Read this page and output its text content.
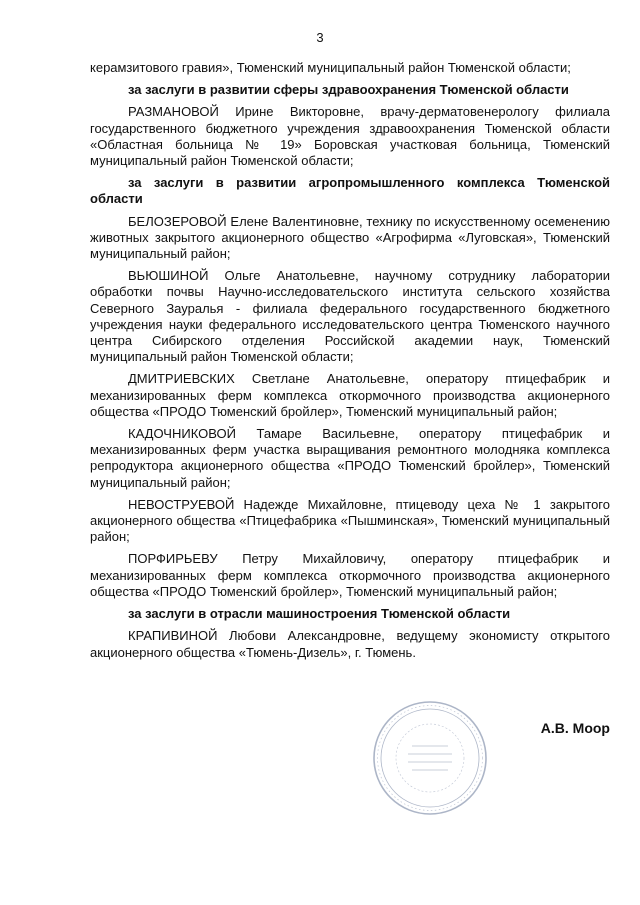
3

керамзитового гравия», Тюменский муниципальный район Тюменской области;

за заслуги в развитии сферы здравоохранения Тюменской области

РАЗМАНОВОЙ Ирине Викторовне, врачу-дерматовенерологу филиала государственного бюджетного учреждения здравоохранения Тюменской области «Областная больница № 19» Боровская участковая больница, Тюменский муниципальный район Тюменской области;

за заслуги в развитии агропромышленного комплекса Тюменской области

БЕЛОЗЕРОВОЙ Елене Валентиновне, технику по искусственному осеменению животных закрытого акционерного общество «Агрофирма «Луговская», Тюменский муниципальный район;

ВЬЮШИНОЙ Ольге Анатольевне, научному сотруднику лаборатории обработки почвы Научно-исследовательского института сельского хозяйства Северного Зауралья - филиала федерального государственного бюджетного учреждения науки федерального исследовательского центра Тюменского научного центра Сибирского отделения Российской академии наук, Тюменский муниципальный район Тюменской области;

ДМИТРИЕВСКИХ Светлане Анатольевне, оператору птицефабрик и механизированных ферм комплекса откормочного производства акционерного общества «ПРОДО Тюменский бройлер», Тюменский муниципальный район;

КАДОЧНИКОВОЙ Тамаре Васильевне, оператору птицефабрик и механизированных ферм участка выращивания ремонтного молодняка комплекса репродуктора акционерного общества «ПРОДО Тюменский бройлер», Тюменский муниципальный район;

НЕВОСТРУЕВОЙ Надежде Михайловне, птицеводу цеха № 1 закрытого акционерного общества «Птицефабрика «Пышминская», Тюменский муниципальный район;

ПОРФИРЬЕВУ Петру Михайловичу, оператору птицефабрик и механизированных ферм комплекса откормочного производства акционерного общества «ПРОДО Тюменский бройлер», Тюменский муниципальный район;

за заслуги в отрасли машиностроения Тюменской области

КРАПИВИНОЙ Любови Александровне, ведущему экономисту открытого акционерного общества «Тюмень-Дизель», г. Тюмень.

А.В. Моор
